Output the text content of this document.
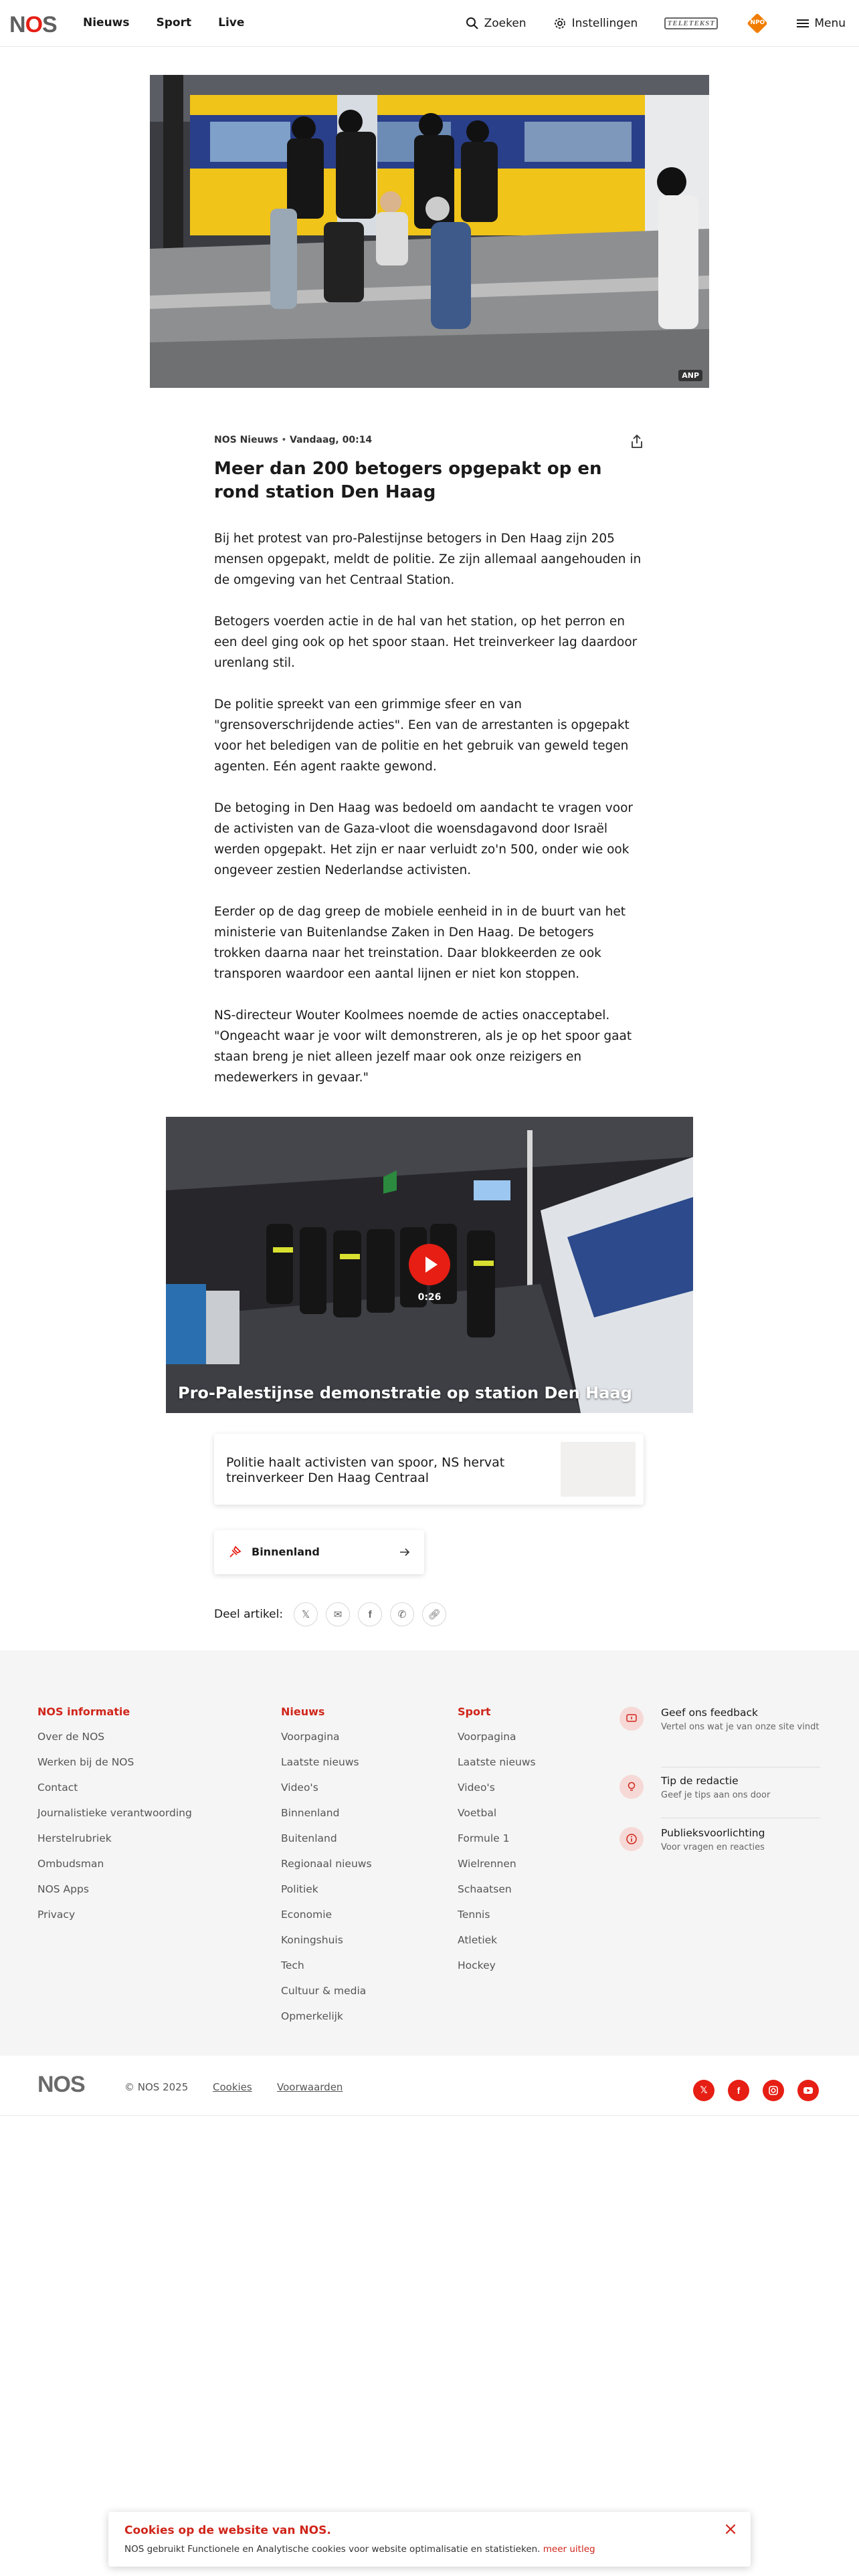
NOS Nieuws Sport Live	Zoeken	Instellingen	TELETEKST	NPO	Menu
ANP
NOS Nieuws • Vandaag, 00:14
Meer dan 200 betogers opgepakt op en rond station Den Haag

Bij het protest van pro-Palestijnse betogers in Den Haag zijn 205 mensen opgepakt, meldt de politie. Ze zijn allemaal aangehouden in de omgeving van het Centraal Station.

Betogers voerden actie in de hal van het station, op het perron en een deel ging ook op het spoor staan. Het treinverkeer lag daardoor urenlang stil.

De politie spreekt van een grimmige sfeer en van "grensoverschrijdende acties". Een van de arrestanten is opgepakt voor het beledigen van de politie en het gebruik van geweld tegen agenten. Eén agent raakte gewond.

De betoging in Den Haag was bedoeld om aandacht te vragen voor de activisten van de Gaza-vloot die woensdagavond door Israël werden opgepakt. Het zijn er naar verluidt zo'n 500, onder wie ook ongeveer zestien Nederlandse activisten.

Eerder op de dag greep de mobiele eenheid in in de buurt van het ministerie van Buitenlandse Zaken in Den Haag. De betogers trokken daarna naar het treinstation. Daar blokkeerden ze ook transporen waardoor een aantal lijnen er niet kon stoppen.

NS-directeur Wouter Koolmees noemde de acties onacceptabel. "Ongeacht waar je voor wilt demonstreren, als je op het spoor gaat staan breng je niet alleen jezelf maar ook onze reizigers en medewerkers in gevaar."

0:26
Pro-Palestijnse demonstratie op station Den Haag
Politie haalt activisten van spoor, NS hervat treinverkeer Den Haag Centraal
Binnenland
Deel artikel: 𝕏 ✉	f	✆ 🔗︎
NOS informatie
Over de NOS
Werken bij de NOS
Contact
Journalistieke verantwoording
Herstelrubriek
Ombudsman
NOS Apps
Privacy
Nieuws
Voorpagina
Laatste nieuws
Video's
Binnenland
Buitenland
Regionaal nieuws
Politiek
Economie
Koningshuis
Tech
Cultuur & media
Opmerkelijk
Sport
Voorpagina
Laatste nieuws
Video's
Voetbal
Formule 1
Wielrennen
Schaatsen
Tennis
Atletiek
Hockey
Geef ons feedback
Vertel ons wat je van onze site vindt
Tip de redactie
Geef je tips aan ons door
Publieksvoorlichting
Voor vragen en reacties
NOS	© NOS 2025 Cookies Voorwaarden	𝕏	f
Cookies op de website van NOS.
NOS gebruikt Functionele en Analytische cookies voor website optimalisatie en statistieken. meer uitleg
×
